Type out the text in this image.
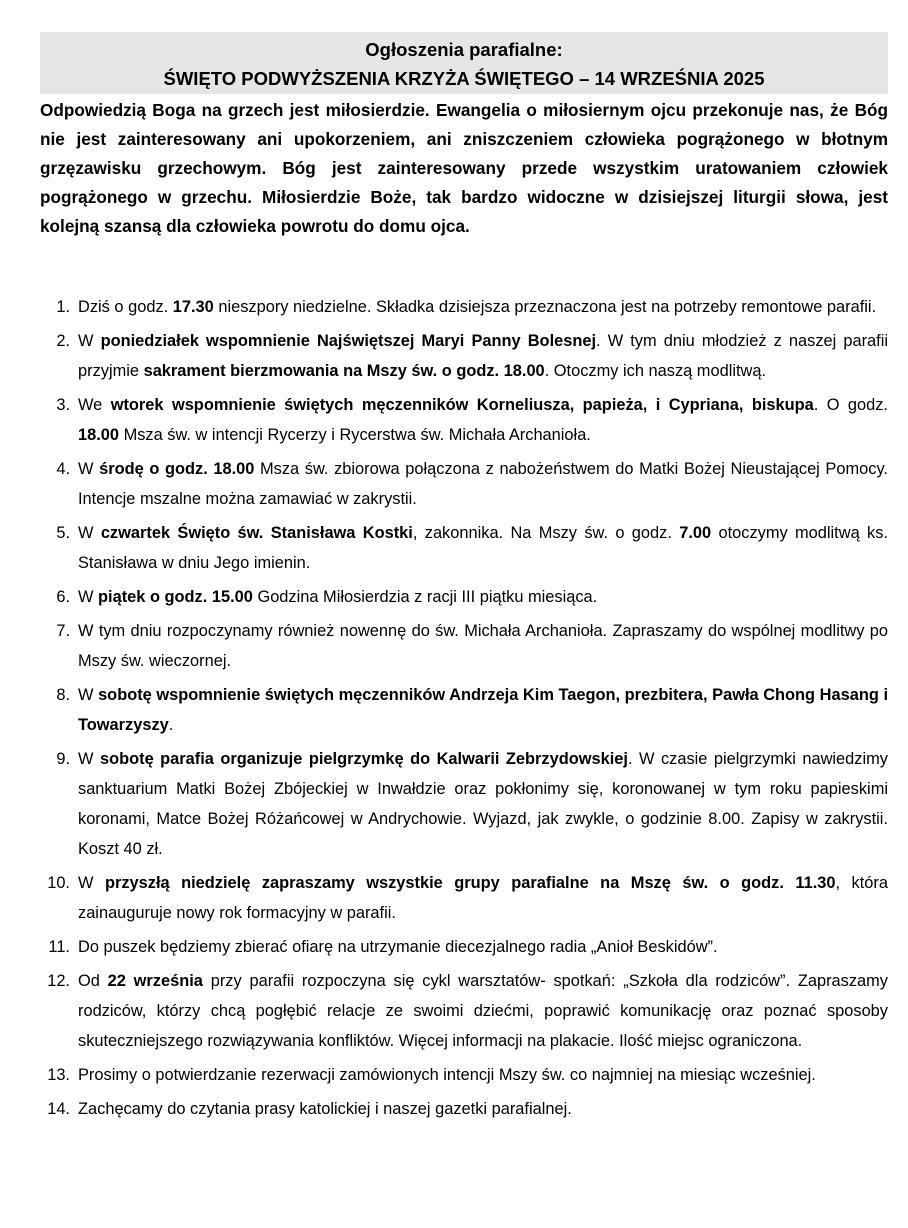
Ogłoszenia parafialne:
ŚWIĘTO PODWYŻSZENIA KRZYŻA ŚWIĘTEGO – 14 WRZEŚNIA 2025
Odpowiedzią Boga na grzech jest miłosierdzie. Ewangelia o miłosiernym ojcu przekonuje nas, że Bóg nie jest zainteresowany ani upokorzeniem, ani zniszczeniem człowieka pogrążonego w błotnym grzęzawisku grzechowym. Bóg jest zainteresowany przede wszystkim uratowaniem człowiek pogrążonego w grzechu. Miłosierdzie Boże, tak bardzo widoczne w dzisiejszej liturgii słowa, jest kolejną szansą dla człowieka powrotu do domu ojca.
1. Dziś o godz. 17.30 nieszpory niedzielne. Składka dzisiejsza przeznaczona jest na potrzeby remontowe parafii.
2. W poniedziałek wspomnienie Najświętszej Maryi Panny Bolesnej. W tym dniu młodzież z naszej parafii przyjmie sakrament bierzmowania na Mszy św. o godz. 18.00. Otoczmy ich naszą modlitwą.
3. We wtorek wspomnienie świętych męczenników Korneliusza, papieża, i Cypriana, biskupa. O godz. 18.00 Msza św. w intencji Rycerzy i Rycerstwa św. Michała Archanioła.
4. W środę o godz. 18.00 Msza św. zbiorowa połączona z nabożeństwem do Matki Bożej Nieustającej Pomocy. Intencje mszalne można zamawiać w zakrystii.
5. W czwartek Święto św. Stanisława Kostki, zakonnika. Na Mszy św. o godz. 7.00 otoczymy modlitwą ks. Stanisława w dniu Jego imienin.
6. W piątek o godz. 15.00 Godzina Miłosierdzia z racji III piątku miesiąca.
7. W tym dniu rozpoczynamy również nowennę do św. Michała Archanioła. Zapraszamy do wspólnej modlitwy po Mszy św. wieczornej.
8. W sobotę wspomnienie świętych męczenników Andrzeja Kim Taegon, prezbitera, Pawła Chong Hasang i Towarzyszy.
9. W sobotę parafia organizuje pielgrzymkę do Kalwarii Zebrzydowskiej. W czasie pielgrzymki nawiedzimy sanktuarium Matki Bożej Zbójeckiej w Inwałdzie oraz pokłonimy się, koronowanej w tym roku papieskimi koronami, Matce Bożej Różańcowej w Andrychowie. Wyjazd, jak zwykle, o godzinie 8.00. Zapisy w zakrystii. Koszt 40 zł.
10. W przyszłą niedzielę zapraszamy wszystkie grupy parafialne na Mszę św. o godz. 11.30, która zainauguruje nowy rok formacyjny w parafii.
11. Do puszek będziemy zbierać ofiarę na utrzymanie diecezjalnego radia „Anioł Beskidów”.
12. Od 22 września przy parafii rozpoczyna się cykl warsztatów- spotkań: „Szkoła dla rodziców”. Zapraszamy rodziców, którzy chcą pogłębić relacje ze swoimi dziećmi, poprawić komunikację oraz poznać sposoby skuteczniejszego rozwiązywania konfliktów. Więcej informacji na plakacie. Ilość miejsc ograniczona.
13. Prosimy o potwierdzanie rezerwacji zamówionych intencji Mszy św. co najmniej na miesiąc wcześniej.
14. Zachęcamy do czytania prasy katolickiej i naszej gazetki parafialnej.
